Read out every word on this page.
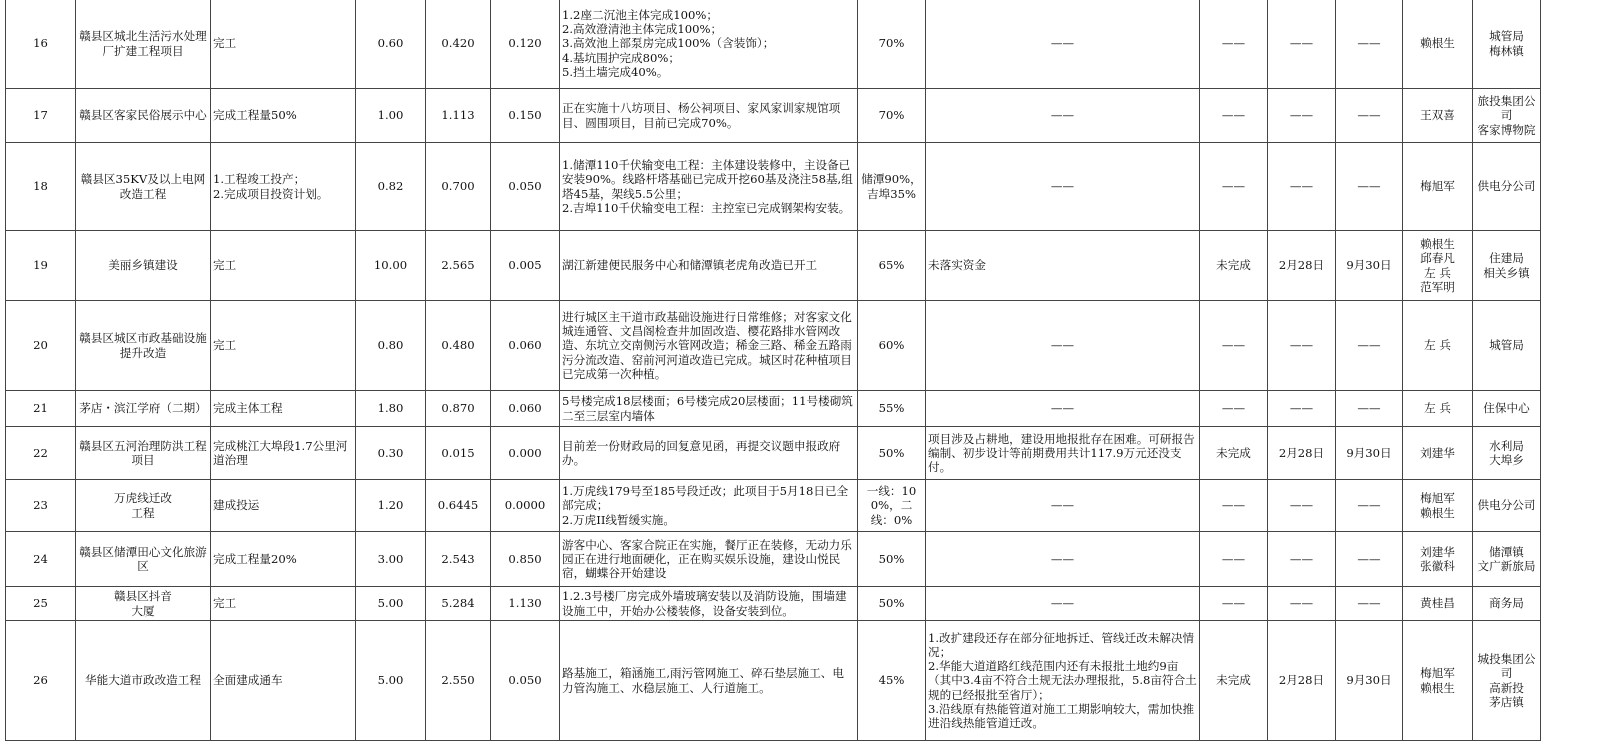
16	赣县区城北生活污水处理厂扩建工程项目	完工	0.60	0.420	0.120	1.2座二沉池主体完成100%；
2.高效澄清池主体完成100%；
3.高效池上部泵房完成100%（含装饰）；
4.基坑围护完成80%；
5.挡土墙完成40%。	70%	——	——	——	——	赖根生	城管局
梅林镇
17	赣县区客家民俗展示中心	完成工程量50%	1.00	1.113	0.150	正在实施十八坊项目、杨公祠项目、家风家训家规馆项目、圆围项目，目前已完成70%。	70%	——	——	——	——	王双喜	旅投集团公司
客家博物院
18	赣县区35KV及以上电网改造工程	1.工程竣工投产；
2.完成项目投资计划。	0.82	0.700	0.050	1.储潭110千伏输变电工程：主体建设装修中，主设备已安装90%。线路杆塔基础已完成开挖60基及浇注58基,组塔45基，架线5.5公里；
2.吉埠110千伏输变电工程：主控室已完成钢架构安装。	储潭90%，吉埠35%	——	——	——	——	梅旭军	供电分公司
19	美丽乡镇建设	完工	10.00	2.565	0.005	湖江新建便民服务中心和储潭镇老虎角改造已开工	65%	未落实资金	未完成	2月28日	9月30日	赖根生
邱春凡
左 兵
范军明	住建局
相关乡镇
20	赣县区城区市政基础设施提升改造	完工	0.80	0.480	0.060	进行城区主干道市政基础设施进行日常维修；对客家文化城连通管、文昌阁检查井加固改造、樱花路排水管网改造、东坑立交南侧污水管网改造；稀金三路、稀金五路雨污分流改造、窑前河河道改造已完成。城区时花种植项目已完成第一次种植。	60%	——	——	——	——	左 兵	城管局
21	茅店・滨江学府（二期）	完成主体工程	1.80	0.870	0.060	5号楼完成18层楼面；6号楼完成20层楼面；11号楼砌筑二至三层室内墙体	55%	——	——	——	——	左 兵	住保中心
22	赣县区五河治理防洪工程项目	完成桃江大埠段1.7公里河道治理	0.30	0.015	0.000	目前差一份财政局的回复意见函，再提交议题申报政府办。	50%	项目涉及占耕地，建设用地报批存在困难。可研报告编制、初步设计等前期费用共计117.9万元还没支付。	未完成	2月28日	9月30日	刘建华	水利局
大埠乡
23	万虎线迁改
工程	建成投运	1.20	0.6445	0.0000	1.万虎线179号至185号段迁改；此项目于5月18日已全部完成；
2.万虎II线暂缓实施。	一线：100%，二线：0%	——	——	——	——	梅旭军
赖根生	供电分公司
24	赣县区储潭田心文化旅游区	完成工程量20%	3.00	2.543	0.850	游客中心、客家合院正在实施，餐厅正在装修，无动力乐园正在进行地面硬化，正在购买娱乐设施，建设山悦民宿，蝴蝶谷开始建设	50%	——	——	——	——	刘建华
张徽科	储潭镇
文广新旅局
25	赣县区抖音
大厦	完工	5.00	5.284	1.130	1.2.3号楼厂房完成外墙玻璃安装以及消防设施，围墙建设施工中，开始办公楼装修，设备安装到位。	50%	——	——	——	——	黄桂昌	商务局
26	华能大道市政改造工程	全面建成通车	5.00	2.550	0.050	路基施工，箱涵施工,雨污管网施工、碎石垫层施工、电力管沟施工、水稳层施工、人行道施工。	45%	1.改扩建段还存在部分征地拆迁、管线迁改未解决情况；
2.华能大道道路红线范围内还有未报批土地约9亩（其中3.4亩不符合土规无法办理报批，5.8亩符合土规的已经报批至省厅）；
3.沿线原有热能管道对施工工期影响较大，需加快推进沿线热能管道迁改。	未完成	2月28日	9月30日	梅旭军
赖根生	城投集团公司
高新投
茅店镇
